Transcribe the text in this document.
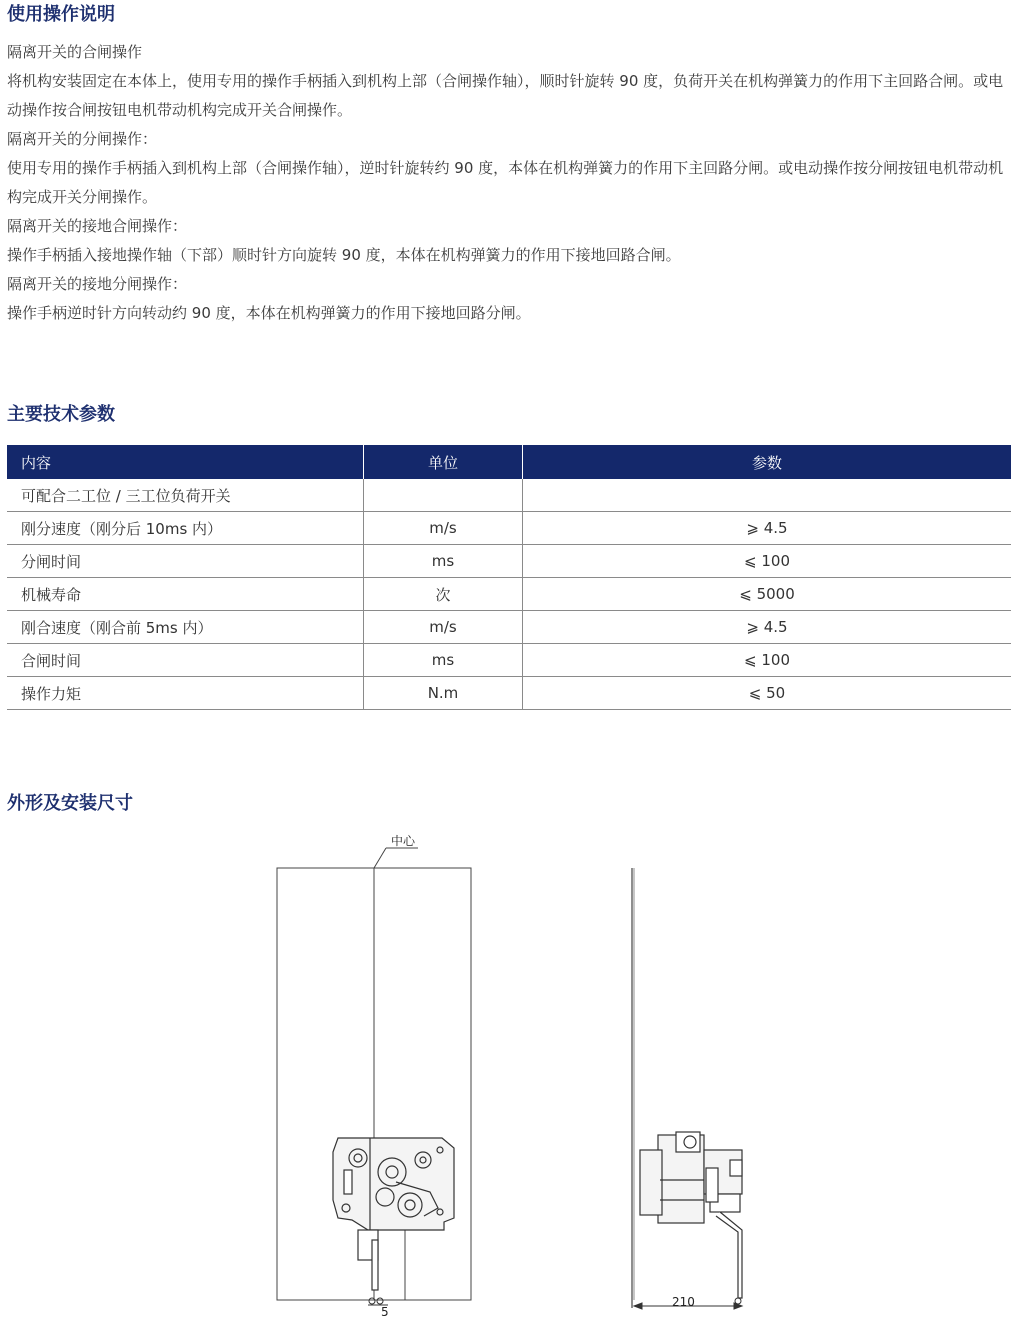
使用操作说明

隔离开关的合闸操作

将机构安装固定在本体上，使用专用的操作手柄插入到机构上部（合闸操作轴），顺时针旋转 90 度，负荷开关在机构弹簧力的作用下主回路合闸。或电动操作按合闸按钮电机带动机构完成开关合闸操作。

隔离开关的分闸操作：

使用专用的操作手柄插入到机构上部（合闸操作轴），逆时针旋转约 90 度，本体在机构弹簧力的作用下主回路分闸。或电动操作按分闸按钮电机带动机构完成开关分闸操作。

隔离开关的接地合闸操作：

操作手柄插入接地操作轴（下部）顺时针方向旋转 90 度，本体在机构弹簧力的作用下接地回路合闸。

隔离开关的接地分闸操作：

操作手柄逆时针方向转动约 90 度，本体在机构弹簧力的作用下接地回路分闸。

主要技术参数
内容	单位	参数
可配合二工位 / 三工位负荷开关		
刚分速度（刚分后 10ms 内）	m/s	⩾ 4.5
分闸时间	ms	⩽ 100
机械寿命	次	⩽ 5000
刚合速度（刚合前 5ms 内）	m/s	⩾ 4.5
合闸时间	ms	⩽ 100
操作力矩	N.m	⩽ 50
外形及安装尺寸
中心
5
210
